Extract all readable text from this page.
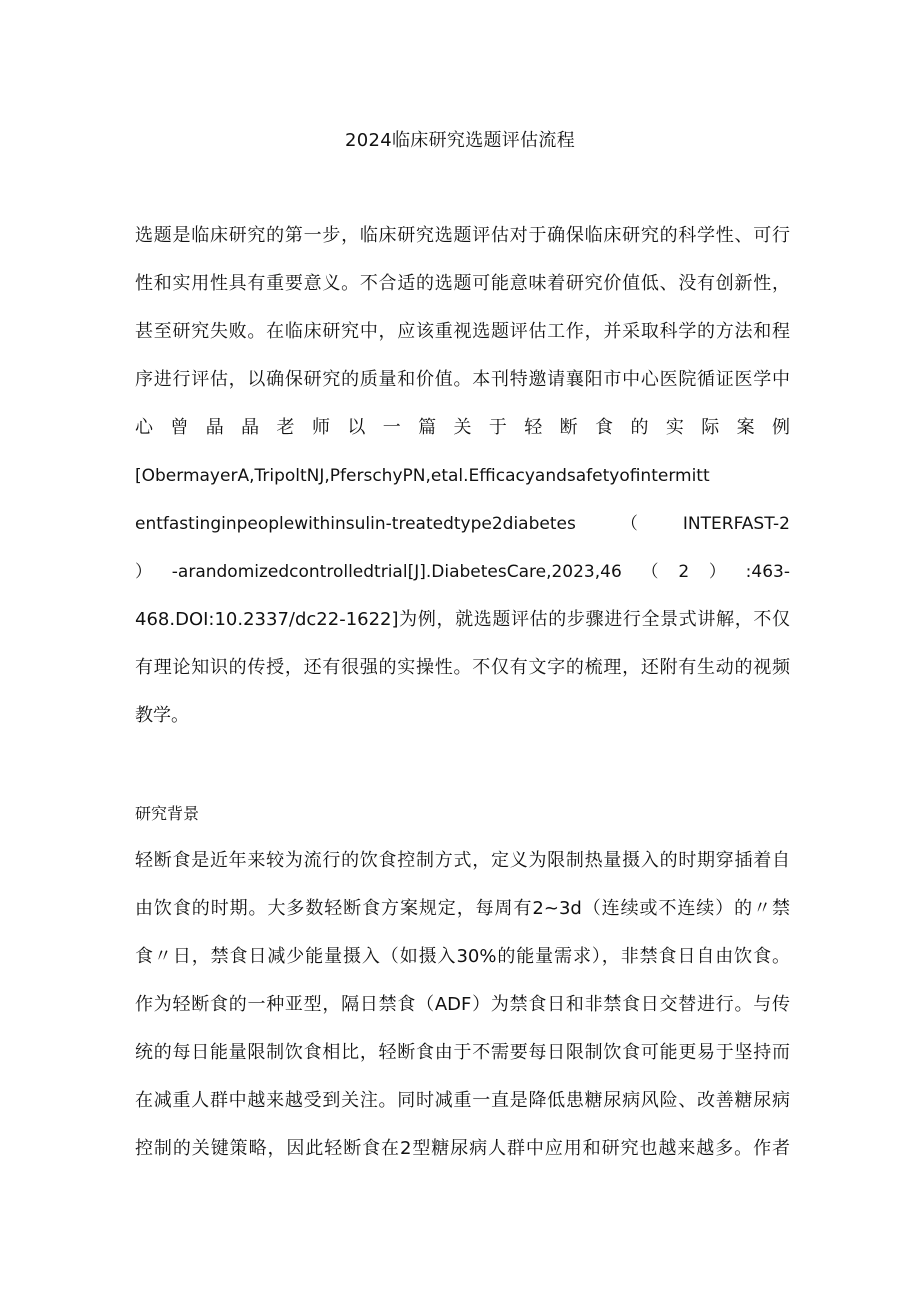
2024临床研究选题评估流程
选题是临床研究的第一步，临床研究选题评估对于确保临床研究的科学性、可行
性和实用性具有重要意义。不合适的选题可能意味着研究价值低、没有创新性，
甚至研究失败。在临床研究中，应该重视选题评估工作，并采取科学的方法和程
序进行评估，以确保研究的质量和价值。本刊特邀请襄阳市中心医院循证医学中
心曾晶晶老师以一篇关于轻断食的实际案例
[ObermayerA,TripoltNJ,PferschyPN,etal.Efficacyandsafetyofintermitt
entfastinginpeoplewithinsulin-treatedtype2diabetes（INTERFAST-2
）-arandomizedcontrolledtrial[J].DiabetesCare,2023,46（2）:463-
468.DOI:10.2337/dc22-1622]为例，就选题评估的步骤进行全景式讲解，不仅
有理论知识的传授，还有很强的实操性。不仅有文字的梳理，还附有生动的视频
教学。
研究背景
轻断食是近年来较为流行的饮食控制方式，定义为限制热量摄入的时期穿插着自
由饮食的时期。大多数轻断食方案规定，每周有2~3d（连续或不连续）的〃禁
食〃日，禁食日减少能量摄入（如摄入30%的能量需求），非禁食日自由饮食。
作为轻断食的一种亚型，隔日禁食（ADF）为禁食日和非禁食日交替进行。与传
统的每日能量限制饮食相比，轻断食由于不需要每日限制饮食可能更易于坚持而
在减重人群中越来越受到关注。同时减重一直是降低患糖尿病风险、改善糖尿病
控制的关键策略，因此轻断食在2型糖尿病人群中应用和研究也越来越多。作者
